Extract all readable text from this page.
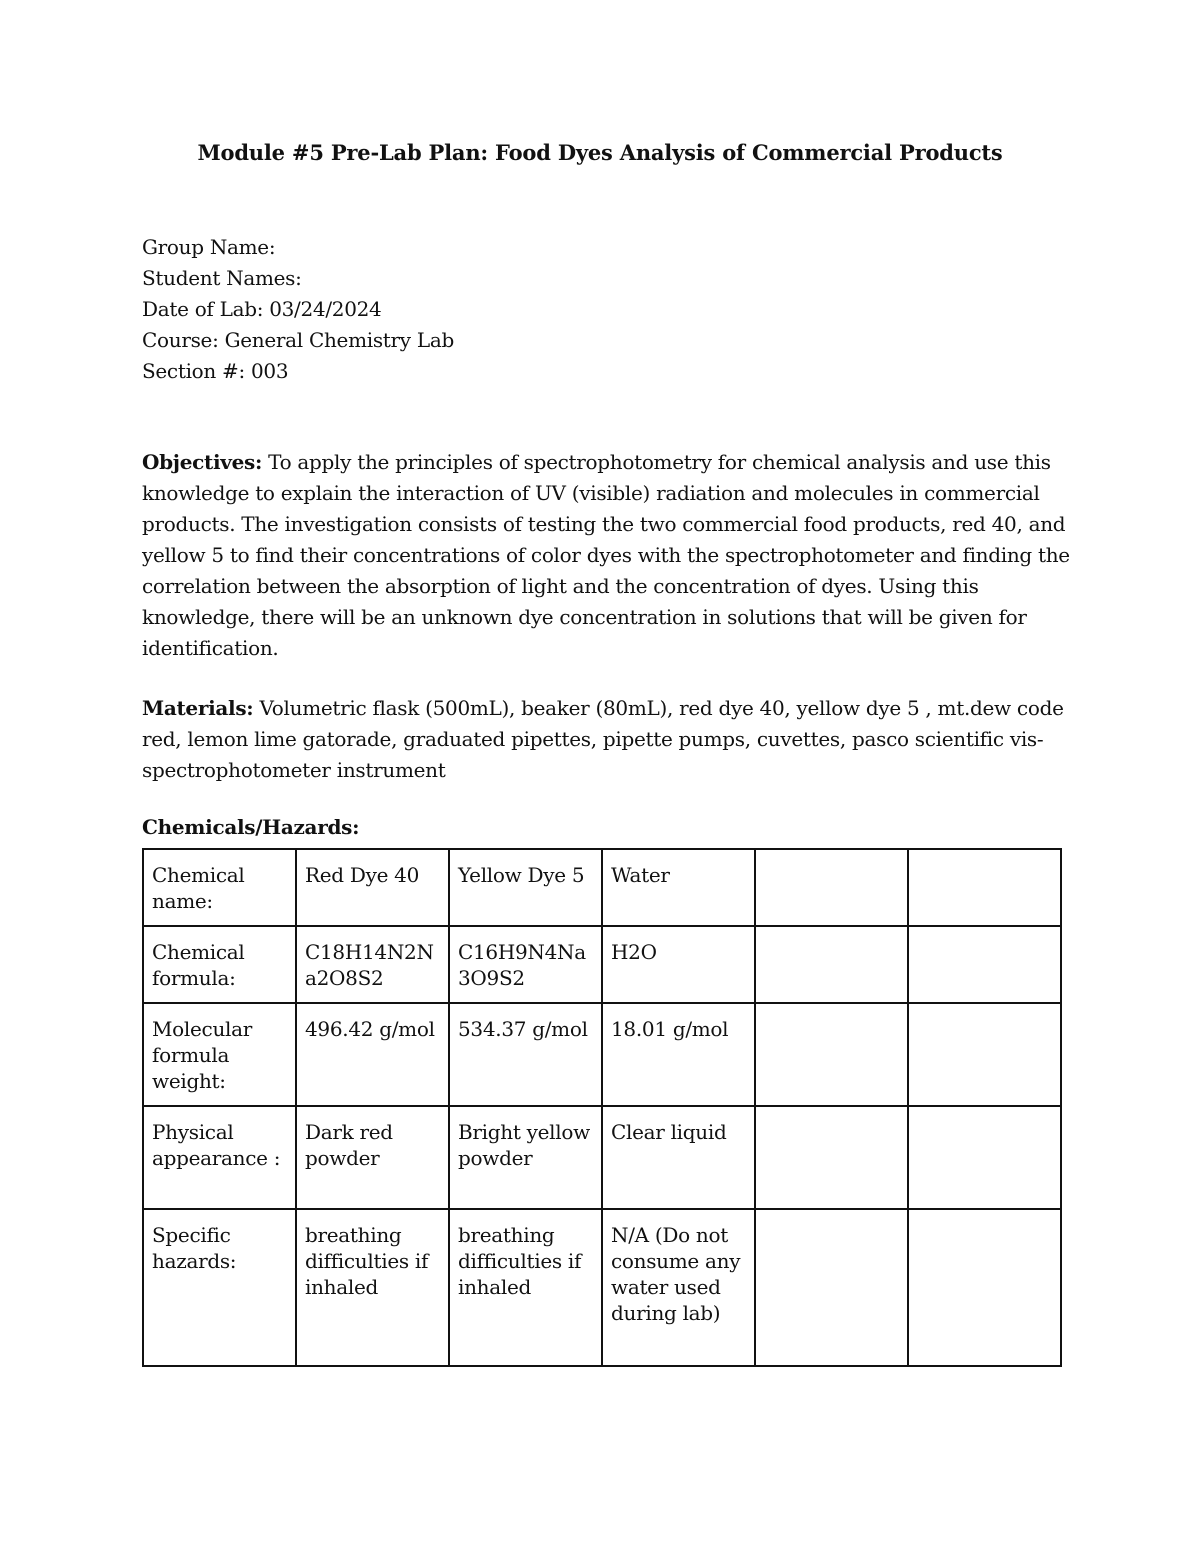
Module #5 Pre-Lab Plan: Food Dyes Analysis of Commercial Products
Group Name:
Student Names:
Date of Lab: 03/24/2024
Course: General Chemistry Lab
Section #: 003
Objectives: To apply the principles of spectrophotometry for chemical analysis and use this knowledge to explain the interaction of UV (visible) radiation and molecules in commercial products. The investigation consists of testing the two commercial food products, red 40, and yellow 5 to find their concentrations of color dyes with the spectrophotometer and finding the correlation between the absorption of light and the concentration of dyes. Using this knowledge, there will be an unknown dye concentration in solutions that will be given for identification.
Materials: Volumetric flask (500mL), beaker (80mL), red dye 40, yellow dye 5 , mt.dew code red, lemon lime gatorade, graduated pipettes, pipette pumps, cuvettes, pasco scientific vis-spectrophotometer instrument
Chemicals/Hazards:
Chemical name:	Red Dye 40	Yellow Dye 5	Water		
Chemical formula:	C18H14N2Na2O8S2	C16H9N4Na3O9S2	H2O		
Molecular formula weight:	496.42 g/mol	534.37 g/mol	18.01 g/mol		
Physical appearance :	Dark red powder	Bright yellow powder	Clear liquid		
Specific hazards:	breathing difficulties if inhaled	breathing difficulties if inhaled	N/A (Do not consume any water used during lab)		
